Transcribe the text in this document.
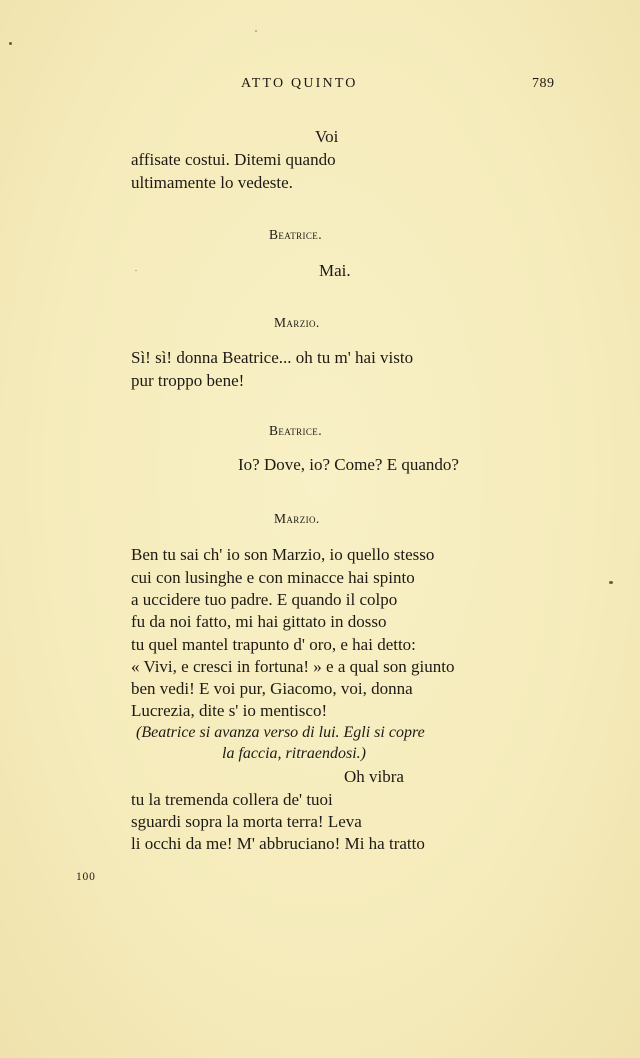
ATTO QUINTO	789
Voi
affisate costui. Ditemi quando
ultimamente lo vedeste.
Beatrice.
Mai.
Marzio.
Sì! sì! donna Beatrice... oh tu m' hai visto
pur troppo bene!
Beatrice.
Io? Dove, io? Come? E quando?
Marzio.
Ben tu sai ch' io son Marzio, io quello stesso
cui con lusinghe e con minacce hai spinto
a uccidere tuo padre. E quando il colpo
fu da noi fatto, mi hai gittato in dosso
tu quel mantel trapunto d' oro, e hai detto:
« Vivi, e cresci in fortuna! » e a qual son giunto
ben vedi! E voi pur, Giacomo, voi, donna
Lucrezia, dite s' io mentisco!
(Beatrice si avanza verso di lui. Egli si copre
la faccia, ritraendosi.)
Oh vibra
tu la tremenda collera de' tuoi
sguardi sopra la morta terra! Leva
li occhi da me! M' abbruciano! Mi ha tratto
100
